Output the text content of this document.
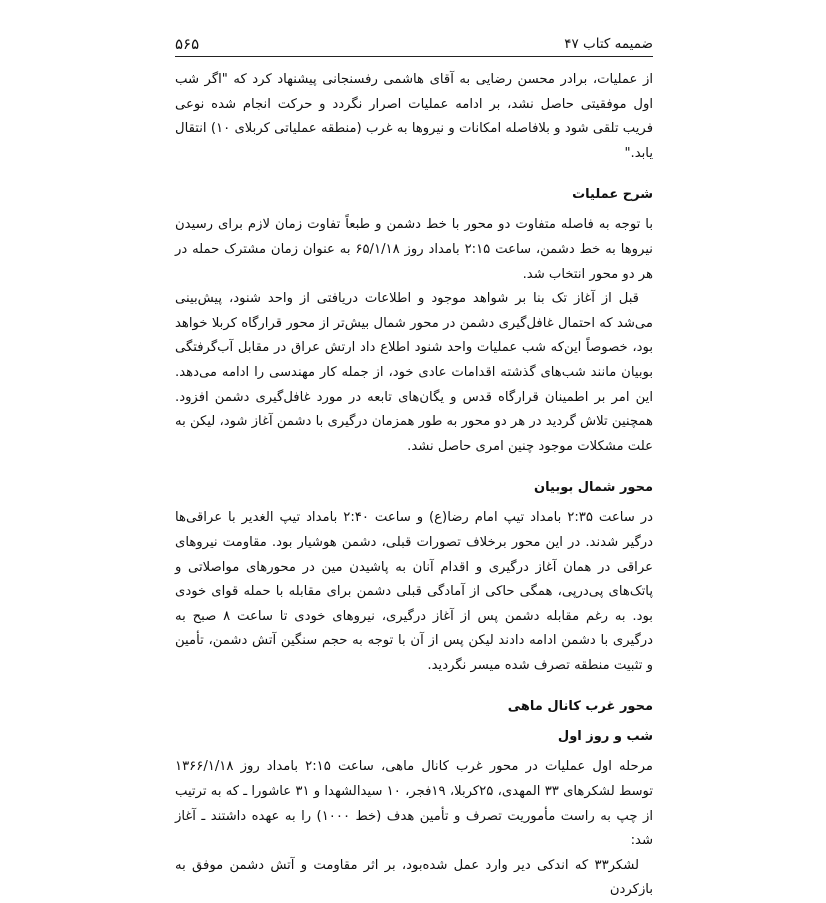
۵۶۵	ضمیمه کتاب ۴۷

از عملیات، برادر محسن رضایی به آقای هاشمی رفسنجانی پیشنهاد کرد که "اگر شب اول موفقیتی حاصل نشد، بر ادامه عملیات اصرار نگردد و حرکت انجام شده نوعی فریب تلقی شود و بلافاصله امکانات و نیروها به غرب (منطقه عملیاتی کربلای ۱۰) انتقال یابد."

شرح عملیات

با توجه به فاصله متفاوت دو محور با خط دشمن و طبعاً تفاوت زمان لازم برای رسیدن نیروها به خط دشمن، ساعت ۲:۱۵ بامداد روز ۶۵/۱/۱۸ به عنوان زمان مشترک حمله در هر دو محور انتخاب شد.

قبل از آغاز تک بنا بر شواهد موجود و اطلاعات دریافتی از واحد شنود، پیش‌بینی می‌شد که احتمال غافل‌گیری دشمن در محور شمال بیش‌تر از محور قرارگاه کربلا خواهد بود، خصوصاً این‌که شب عملیات واحد شنود اطلاع داد ارتش عراق در مقابل آب‌گرفتگی بوبیان مانند شب‌های گذشته اقدامات عادی خود، از جمله کار مهندسی را ادامه می‌دهد. این امر بر اطمینان قرارگاه قدس و یگان‌های تابعه در مورد غافل‌گیری دشمن افزود. همچنین تلاش گردید در هر دو محور به طور همزمان درگیری با دشمن آغاز شود، لیکن به علت مشکلات موجود چنین امری حاصل نشد.

محور شمال بوبیان

در ساعت ۲:۳۵ بامداد تیپ امام رضا(ع) و ساعت ۲:۴۰ بامداد تیپ الغدیر با عراقی‌ها درگیر شدند. در این محور برخلاف تصورات قبلی، دشمن هوشیار بود. مقاومت نیروهای عراقی در همان آغاز درگیری و اقدام آنان به پاشیدن مین در محورهای مواصلاتی و پاتک‌های پی‌درپی، همگی حاکی از آمادگی قبلی دشمن برای مقابله با حمله قوای خودی بود. به رغم مقابله دشمن پس از آغاز درگیری، نیروهای خودی تا ساعت ۸ صبح به درگیری با دشمن ادامه دادند لیکن پس از آن با توجه به حجم سنگین آتش دشمن، تأمین و تثبیت منطقه تصرف شده میسر نگردید.

محور غرب کانال ماهی

شب و روز اول

مرحله اول عملیات در محور غرب کانال ماهی، ساعت ۲:۱۵ بامداد روز ۱۳۶۶/۱/۱۸ توسط لشکرهای ۳۳ المهدی، ۲۵کربلا، ۱۹فجر، ۱۰ سیدالشهدا و ۳۱ عاشورا ـ که به ترتیب از چپ به راست مأموریت تصرف و تأمین هدف (خط ۱۰۰۰) را به عهده داشتند ـ آغاز شد:

لشکر۳۳ که اندکی دیر وارد عمل شده‌بود، بر اثر مقاومت و آتش دشمن موفق به بازکردن
